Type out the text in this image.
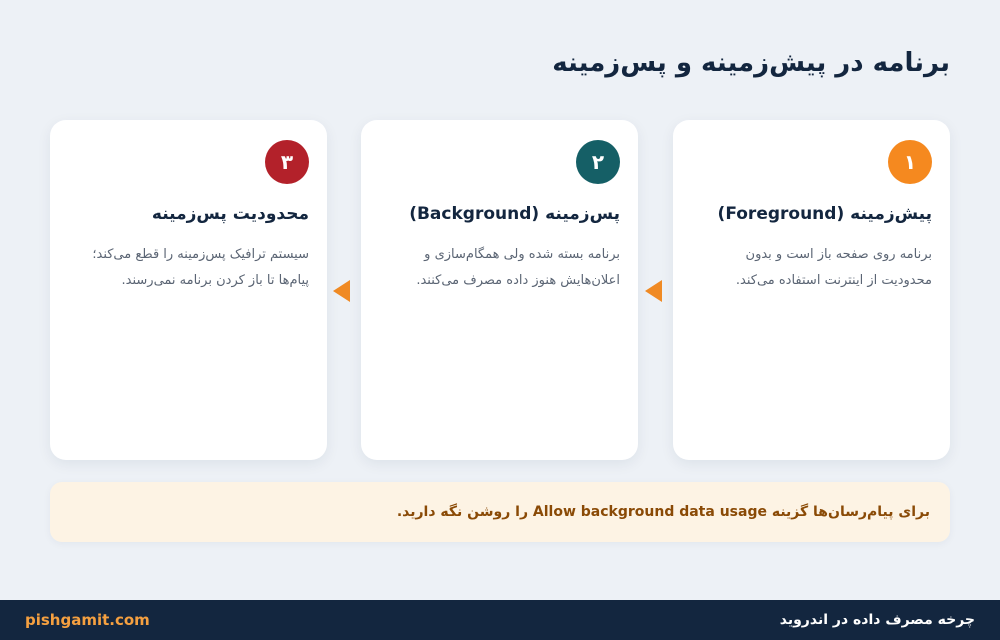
برنامه در پیش‌زمینه و پس‌زمینه
۱
پیش‌زمینه (Foreground)
برنامه روی صفحه باز است و بدون محدودیت از اینترنت استفاده می‌کند.
۲
پس‌زمینه (Background)
برنامه بسته شده ولی همگام‌سازی و اعلان‌هایش هنوز داده مصرف می‌کنند.
۳
محدودیت پس‌زمینه
سیستم ترافیک پس‌زمینه را قطع می‌کند؛ پیام‌ها تا باز کردن برنامه نمی‌رسند.
برای پیام‌رسان‌ها گزینه Allow background data usage را روشن نگه دارید.
pishgamit.com	چرخه مصرف داده در اندروید
